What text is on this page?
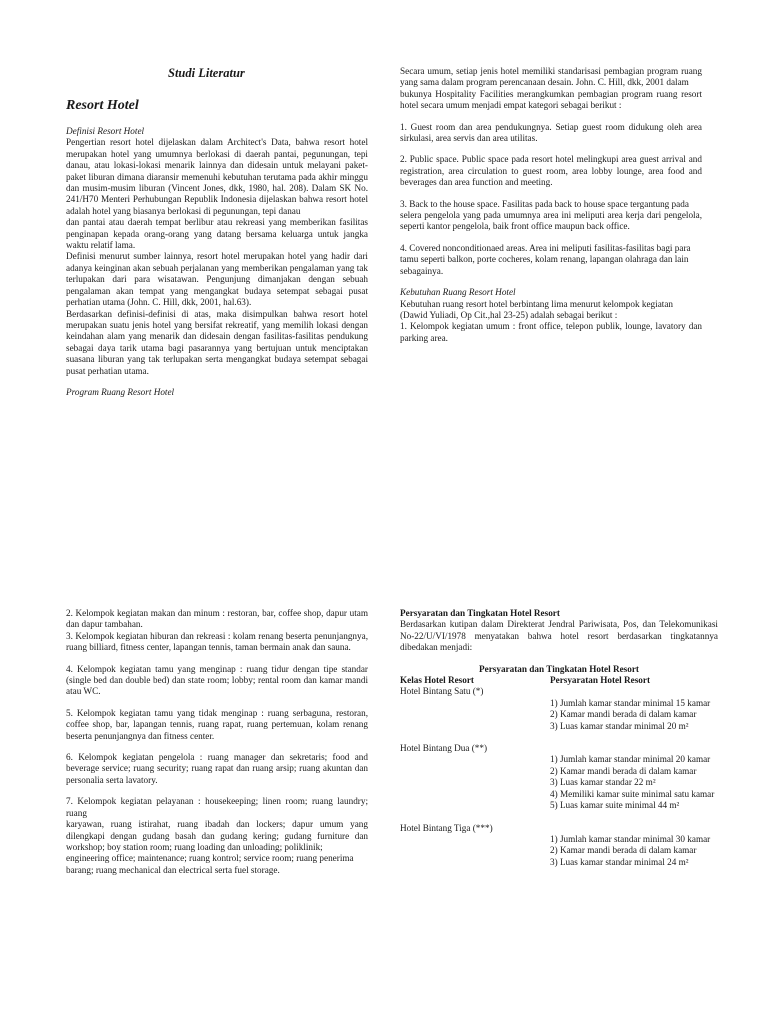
Studi Literatur
Resort Hotel

Definisi Resort Hotel

Pengertian resort hotel dijelaskan dalam Architect's Data, bahwa resort hotel merupakan hotel yang umumnya berlokasi di daerah pantai, pegunungan, tepi danau, atau lokasi-lokasi menarik lainnya dan didesain untuk melayani paket-paket liburan dimana diaransir memenuhi kebutuhan terutama pada akhir minggu dan musim-musim liburan (Vincent Jones, dkk, 1980, hal. 208). Dalam SK No. 241/H70 Menteri Perhubungan Republik Indonesia dijelaskan bahwa resort hotel adalah hotel yang biasanya berlokasi di pegunungan, tepi danau

dan pantai atau daerah tempat berlibur atau rekreasi yang memberikan fasilitas penginapan kepada orang-orang yang datang bersama keluarga untuk jangka waktu relatif lama.

Definisi menurut sumber lainnya, resort hotel merupakan hotel yang hadir dari adanya keinginan akan sebuah perjalanan yang memberikan pengalaman yang tak terlupakan dari para wisatawan. Pengunjung dimanjakan dengan sebuah pengalaman akan tempat yang mengangkat budaya setempat sebagai pusat perhatian utama (John. C. Hill, dkk, 2001, hal.63).

Berdasarkan definisi-definisi di atas, maka disimpulkan bahwa resort hotel merupakan suatu jenis hotel yang bersifat rekreatif, yang memilih lokasi dengan keindahan alam yang menarik dan didesain dengan fasilitas-fasilitas pendukung sebagai daya tarik utama bagi pasarannya yang bertujuan untuk menciptakan suasana liburan yang tak terlupakan serta mengangkat budaya setempat sebagai pusat perhatian utama.

Program Ruang Resort Hotel

Secara umum, setiap jenis hotel memiliki standarisasi pembagian program ruang yang sama dalam program perencanaan desain. John. C. Hill, dkk, 2001 dalam

bukunya Hospitality Facilities merangkumkan pembagian program ruang resort hotel secara umum menjadi empat kategori sebagai berikut :

1. Guest room dan area pendukungnya. Setiap guest room didukung oleh area sirkulasi, area servis dan area utilitas.

2. Public space. Public space pada resort hotel melingkupi area guest arrival and registration, area circulation to guest room, area lobby lounge, area food and beverages dan area function and meeting.

3. Back to the house space. Fasilitas pada back to house space tergantung pada

selera pengelola yang pada umumnya area ini meliputi area kerja dari pengelola, seperti kantor pengelola, baik front office maupun back office.

4. Covered nonconditionaed areas. Area ini meliputi fasilitas-fasilitas bagi para

tamu seperti balkon, porte cocheres, kolam renang, lapangan olahraga dan lain

sebagainya.

Kebutuhan Ruang Resort Hotel

Kebutuhan ruang resort hotel berbintang lima menurut kelompok kegiatan

(Dawid Yuliadi, Op Cit.,hal 23-25) adalah sebagai berikut :

1. Kelompok kegiatan umum : front office, telepon publik, lounge, lavatory dan parking area.

2. Kelompok kegiatan makan dan minum : restoran, bar, coffee shop, dapur utam dan dapur tambahan.

3. Kelompok kegiatan hiburan dan rekreasi : kolam renang beserta penunjangnya, ruang billiard, fitness center, lapangan tennis, taman bermain anak dan sauna.

4. Kelompok kegiatan tamu yang menginap : ruang tidur dengan tipe standar (single bed dan double bed) dan state room; lobby; rental room dan kamar mandi atau WC.

5. Kelompok kegiatan tamu yang tidak menginap : ruang serbaguna, restoran, coffee shop, bar, lapangan tennis, ruang rapat, ruang pertemuan, kolam renang beserta penunjangnya dan fitness center.

6. Kelompok kegiatan pengelola : ruang manager dan sekretaris; food and beverage service; ruang security; ruang rapat dan ruang arsip; ruang akuntan dan personalia serta lavatory.

7. Kelompok kegiatan pelayanan : housekeeping; linen room; ruang laundry; ruang

karyawan, ruang istirahat, ruang ibadah dan lockers; dapur umum yang dilengkapi dengan gudang basah dan gudang kering; gudang furniture dan workshop; boy station room; ruang loading dan unloading; poliklinik;

engineering office; maintenance; ruang kontrol; service room; ruang penerima

barang; ruang mechanical dan electrical serta fuel storage.

Persyaratan dan Tingkatan Hotel Resort

Berdasarkan kutipan dalam Direkterat Jendral Pariwisata, Pos, dan Telekomunikasi No-22/U/VI/1978 menyatakan bahwa hotel resort berdasarkan tingkatannya dibedakan menjadi:

Persyaratan dan Tingkatan Hotel Resort

Kelas Hotel Resort	Persyaratan Hotel Resort
Hotel Bintang Satu (*)	
	1) Jumlah kamar standar minimal 15 kamar
	2) Kamar mandi berada di dalam kamar
	3) Luas kamar standar minimal 20 m²

Hotel Bintang Dua (**)	
	1) Jumlah kamar standar minimal 20 kamar
	2) Kamar mandi berada di dalam kamar
	3) Luas kamar standar 22 m²
	4) Memiliki kamar suite minimal satu kamar
	5) Luas kamar suite minimal 44 m²

Hotel Bintang Tiga (***)	
	1) Jumlah kamar standar minimal 30 kamar
	2) Kamar mandi berada di dalam kamar
	3) Luas kamar standar minimal 24 m²
